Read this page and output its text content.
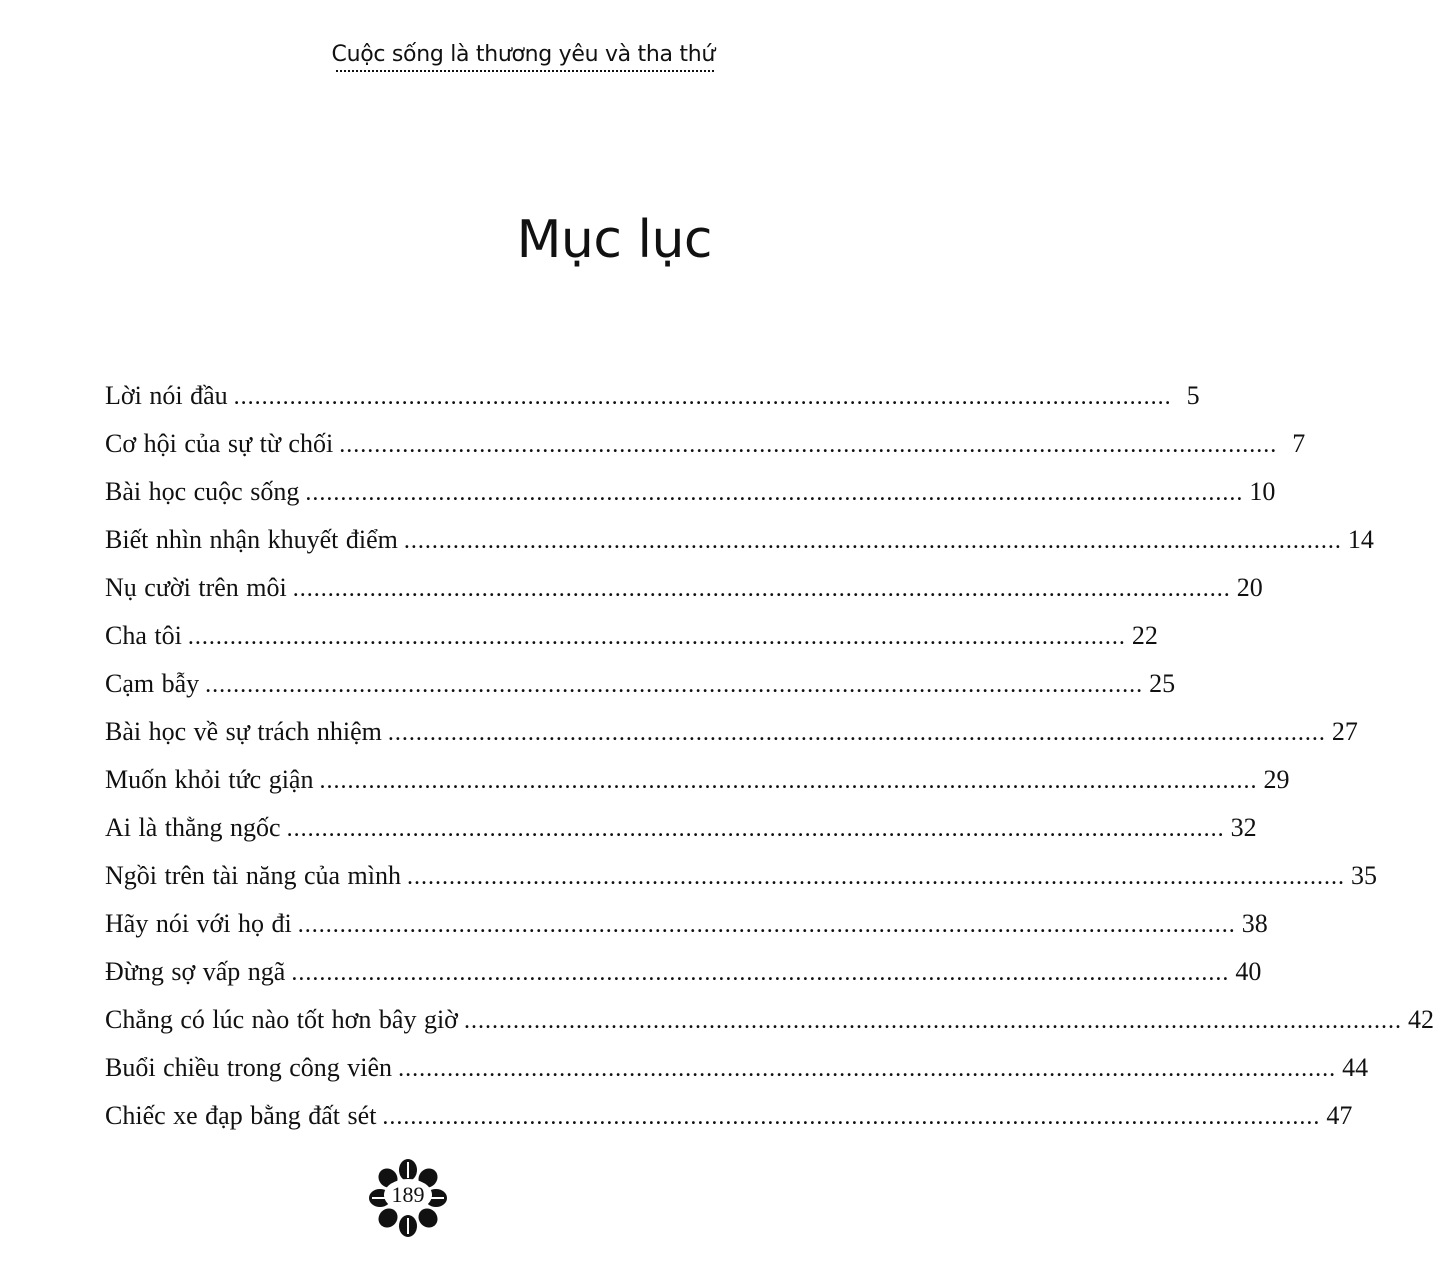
Cuộc sống là thương yêu và tha thứ
Mục lục
Lời nói đầu ...................................................................................................................................... 5
Cơ hội của sự từ chối ...................................................................................................................................... 7
Bài học cuộc sống ...................................................................................................................................... 10
Biết nhìn nhận khuyết điểm ...................................................................................................................................... 14
Nụ cười trên môi ...................................................................................................................................... 20
Cha tôi ...................................................................................................................................... 22
Cạm bẫy ...................................................................................................................................... 25
Bài học về sự trách nhiệm ...................................................................................................................................... 27
Muốn khỏi tức giận ...................................................................................................................................... 29
Ai là thằng ngốc ...................................................................................................................................... 32
Ngồi trên tài năng của mình ...................................................................................................................................... 35
Hãy nói với họ đi ...................................................................................................................................... 38
Đừng sợ vấp ngã ...................................................................................................................................... 40
Chẳng có lúc nào tốt hơn bây giờ ...................................................................................................................................... 42
Buổi chiều trong công viên ...................................................................................................................................... 44
Chiếc xe đạp bằng đất sét ...................................................................................................................................... 47
189
